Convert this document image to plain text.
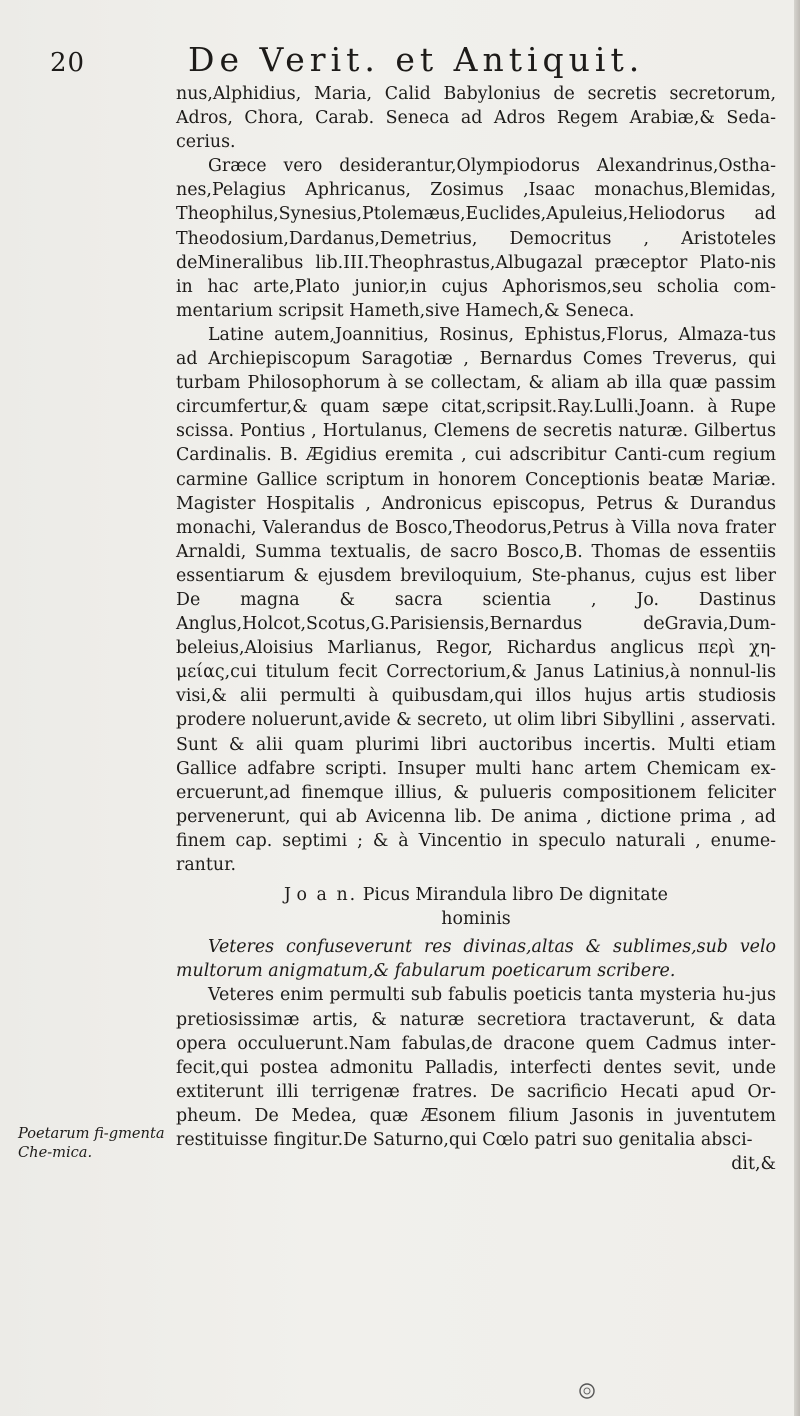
20	De Verit. et Antiquit.

nus,Alphidius, Maria, Calid Babylonius de secretis secretorum, Adros, Chora, Carab. Seneca ad Adros Regem Arabiæ,& Seda-cerius.

Græce vero desiderantur,Olympiodorus Alexandrinus,Ostha-nes,Pelagius Aphricanus, Zosimus ,Isaac monachus,Blemidas, Theophilus,Synesius,Ptolemæus,Euclides,Apuleius,Heliodorus ad Theodosium,Dardanus,Demetrius, Democritus , Aristoteles deMineralibus lib.III.Theophrastus,Albugazal præceptor Plato-nis in hac arte,Plato junior,in cujus Aphorismos,seu scholia com-mentarium scripsit Hameth,sive Hamech,& Seneca.

Latine autem,Joannitius, Rosinus, Ephistus,Florus, Almaza-tus ad Archiepiscopum Saragotiæ , Bernardus Comes Treverus, qui turbam Philosophorum à se collectam, & aliam ab illa quæ passim circumfertur,& quam sæpe citat,scripsit.Ray.Lulli.Joann. à Rupe scissa. Pontius , Hortulanus, Clemens de secretis naturæ. Gilbertus Cardinalis. B. Ægidius eremita , cui adscribitur Canti-cum regium carmine Gallice scriptum in honorem Conceptionis beatæ Mariæ. Magister Hospitalis , Andronicus episcopus, Petrus & Durandus monachi, Valerandus de Bosco,Theodorus,Petrus à Villa nova frater Arnaldi, Summa textualis, de sacro Bosco,B. Thomas de essentiis essentiarum & ejusdem breviloquium, Ste-phanus, cujus est liber De magna & sacra scientia , Jo. Dastinus Anglus,Holcot,Scotus,G.Parisiensis,Bernardus deGravia,Dum-beleius,Aloisius Marlianus, Regor, Richardus anglicus περὶ χη-μείας,cui titulum fecit Correctorium,& Janus Latinius,à nonnul-lis visi,& alii permulti à quibusdam,qui illos hujus artis studiosis prodere noluerunt,avide & secreto, ut olim libri Sibyllini , asservati. Sunt & alii quam plurimi libri auctoribus incertis. Multi etiam Gallice adfabre scripti. Insuper multi hanc artem Chemicam ex-ercuerunt,ad finemque illius, & pulueris compositionem feliciter pervenerunt, qui ab Avicenna lib. De anima , dictione prima , ad finem cap. septimi ; & à Vincentio in speculo naturali , enume-rantur.

J o a n. Picus Mirandula libro De dignitate
hominis

Veteres confuseverunt res divinas,altas & sublimes,sub velo multorum anigmatum,& fabularum poeticarum scribere.

Veteres enim permulti sub fabulis poeticis tanta mysteria hu-jus pretiosissimæ artis, & naturæ secretiora tractaverunt, & data opera occuluerunt.Nam fabulas,de dracone quem Cadmus inter-fecit,qui postea admonitu Palladis, interfecti dentes sevit, unde extiterunt illi terrigenæ fratres. De sacrificio Hecati apud Or-pheum. De Medea, quæ Æsonem filium Jasonis in juventutem restituisse fingitur.De Saturno,qui Cœlo patri suo genitalia absci-

dit,&

Poetarum fi-gmenta Che-mica.
